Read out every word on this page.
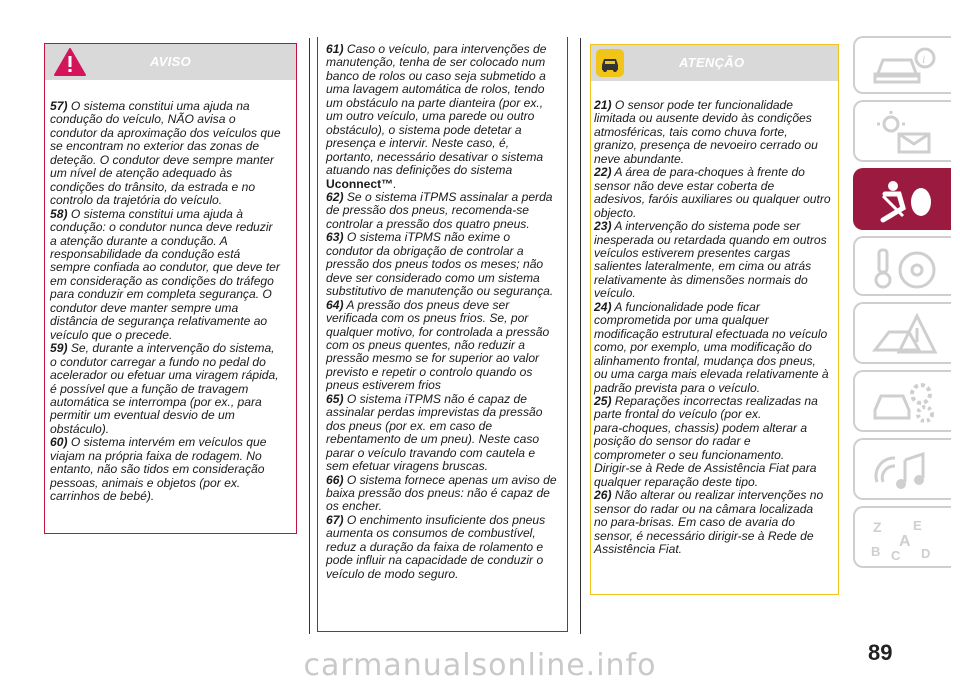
AVISO
57) O sistema constitui uma ajuda na
condução do veículo, NÃO avisa o
condutor da aproximação dos veículos que
se encontram no exterior das zonas de
deteção. O condutor deve sempre manter
um nível de atenção adequado às
condições do trânsito, da estrada e no
controlo da trajetória do veículo.
58) O sistema constitui uma ajuda à
condução: o condutor nunca deve reduzir
a atenção durante a condução. A
responsabilidade da condução está
sempre confiada ao condutor, que deve ter
em consideração as condições do tráfego
para conduzir em completa segurança. O
condutor deve manter sempre uma
distância de segurança relativamente ao
veículo que o precede.
59) Se, durante a intervenção do sistema,
o condutor carregar a fundo no pedal do
acelerador ou efetuar uma viragem rápida,
é possível que a função de travagem
automática se interrompa (por ex., para
permitir um eventual desvio de um
obstáculo).
60) O sistema intervém em veículos que
viajam na própria faixa de rodagem. No
entanto, não são tidos em consideração
pessoas, animais e objetos (por ex.
carrinhos de bebé).
61) Caso o veículo, para intervenções de
manutenção, tenha de ser colocado num
banco de rolos ou caso seja submetido a
uma lavagem automática de rolos, tendo
um obstáculo na parte dianteira (por ex.,
um outro veículo, uma parede ou outro
obstáculo), o sistema pode detetar a
presença e intervir. Neste caso, é,
portanto, necessário desativar o sistema
atuando nas definições do sistema
Uconnect™.
62) Se o sistema iTPMS assinalar a perda
de pressão dos pneus, recomenda-se
controlar a pressão dos quatro pneus.
63) O sistema iTPMS não exime o
condutor da obrigação de controlar a
pressão dos pneus todos os meses; não
deve ser considerado como um sistema
substitutivo de manutenção ou segurança.
64) A pressão dos pneus deve ser
verificada com os pneus frios. Se, por
qualquer motivo, for controlada a pressão
com os pneus quentes, não reduzir a
pressão mesmo se for superior ao valor
previsto e repetir o controlo quando os
pneus estiverem frios
65) O sistema iTPMS não é capaz de
assinalar perdas imprevistas da pressão
dos pneus (por ex. em caso de
rebentamento de um pneu). Neste caso
parar o veículo travando com cautela e
sem efetuar viragens bruscas.
66) O sistema fornece apenas um aviso de
baixa pressão dos pneus: não é capaz de
os encher.
67) O enchimento insuficiente dos pneus
aumenta os consumos de combustível,
reduz a duração da faixa de rolamento e
pode influir na capacidade de conduzir o
veículo de modo seguro.
ATENÇÃO
21) O sensor pode ter funcionalidade
limitada ou ausente devido às condições
atmosféricas, tais como chuva forte,
granizo, presença de nevoeiro cerrado ou
neve abundante.
22) A área de para-choques à frente do
sensor não deve estar coberta de
adesivos, faróis auxiliares ou qualquer outro
objecto.
23) A intervenção do sistema pode ser
inesperada ou retardada quando em outros
veículos estiverem presentes cargas
salientes lateralmente, em cima ou atrás
relativamente às dimensões normais do
veículo.
24) A funcionalidade pode ficar
comprometida por uma qualquer
modificação estrutural efectuada no veículo
como, por exemplo, uma modificação do
alinhamento frontal, mudança dos pneus,
ou uma carga mais elevada relativamente à
padrão prevista para o veículo.
25) Reparações incorrectas realizadas na
parte frontal do veículo (por ex.
para-choques, chassis) podem alterar a
posição do sensor do radar e
comprometer o seu funcionamento.
Dirigir-se à Rede de Assistência Fiat para
qualquer reparação deste tipo.
26) Não alterar ou realizar intervenções no
sensor do radar ou na câmara localizada
no para-brisas. Em caso de avaria do
sensor, é necessário dirigir-se à Rede de
Assistência Fiat.
i
Z E
A
B C D
89
carmanualsonline.info
